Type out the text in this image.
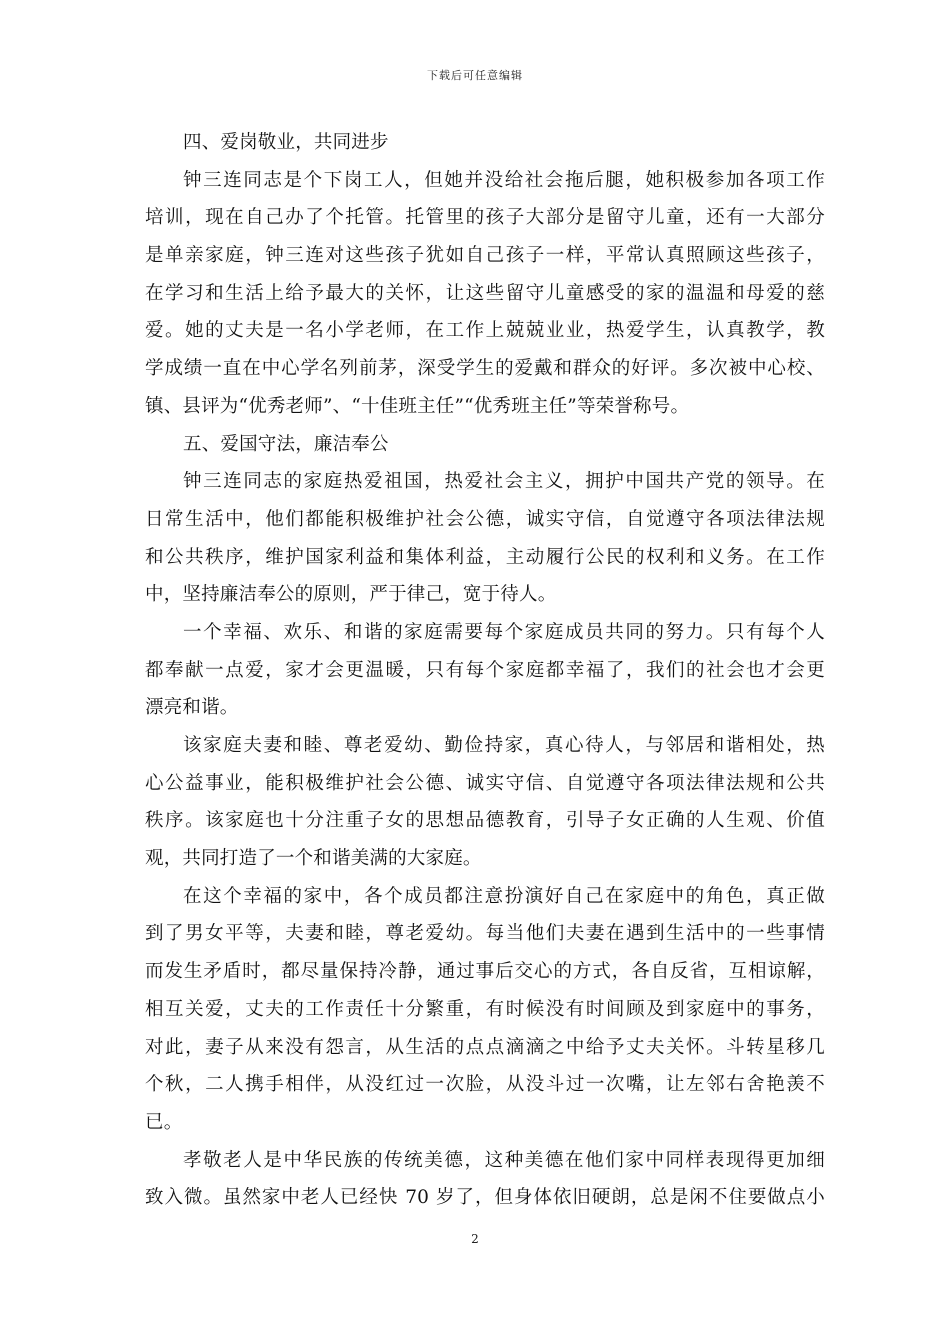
下载后可任意编辑
四、爱岗敬业，共同进步
钟三连同志是个下岗工人，但她并没给社会拖后腿，她积极参加各项工作
培训，现在自己办了个托管。托管里的孩子大部分是留守儿童，还有一大部分
是单亲家庭，钟三连对这些孩子犹如自己孩子一样，平常认真照顾这些孩子，
在学习和生活上给予最大的关怀，让这些留守儿童感受的家的温温和母爱的慈
爱。她的丈夫是一名小学老师，在工作上兢兢业业，热爱学生，认真教学，教
学成绩一直在中心学名列前茅，深受学生的爱戴和群众的好评。多次被中心校、
镇、县评为“优秀老师”、“十佳班主任”“优秀班主任”等荣誉称号。
五、爱国守法，廉洁奉公
钟三连同志的家庭热爱祖国，热爱社会主义，拥护中国共产党的领导。在
日常生活中，他们都能积极维护社会公德，诚实守信，自觉遵守各项法律法规
和公共秩序，维护国家利益和集体利益，主动履行公民的权利和义务。在工作
中，坚持廉洁奉公的原则，严于律己，宽于待人。
一个幸福、欢乐、和谐的家庭需要每个家庭成员共同的努力。只有每个人
都奉献一点爱，家才会更温暖，只有每个家庭都幸福了，我们的社会也才会更
漂亮和谐。
该家庭夫妻和睦、尊老爱幼、勤俭持家，真心待人，与邻居和谐相处，热
心公益事业，能积极维护社会公德、诚实守信、自觉遵守各项法律法规和公共
秩序。该家庭也十分注重子女的思想品德教育，引导子女正确的人生观、价值
观，共同打造了一个和谐美满的大家庭。
在这个幸福的家中，各个成员都注意扮演好自己在家庭中的角色，真正做
到了男女平等，夫妻和睦，尊老爱幼。每当他们夫妻在遇到生活中的一些事情
而发生矛盾时，都尽量保持冷静，通过事后交心的方式，各自反省，互相谅解，
相互关爱，丈夫的工作责任十分繁重，有时候没有时间顾及到家庭中的事务，
对此，妻子从来没有怨言，从生活的点点滴滴之中给予丈夫关怀。斗转星移几
个秋，二人携手相伴，从没红过一次脸，从没斗过一次嘴，让左邻右舍艳羡不
已。
孝敬老人是中华民族的传统美德，这种美德在他们家中同样表现得更加细
致入微。虽然家中老人已经快 70 岁了，但身体依旧硬朗，总是闲不住要做点小
2
